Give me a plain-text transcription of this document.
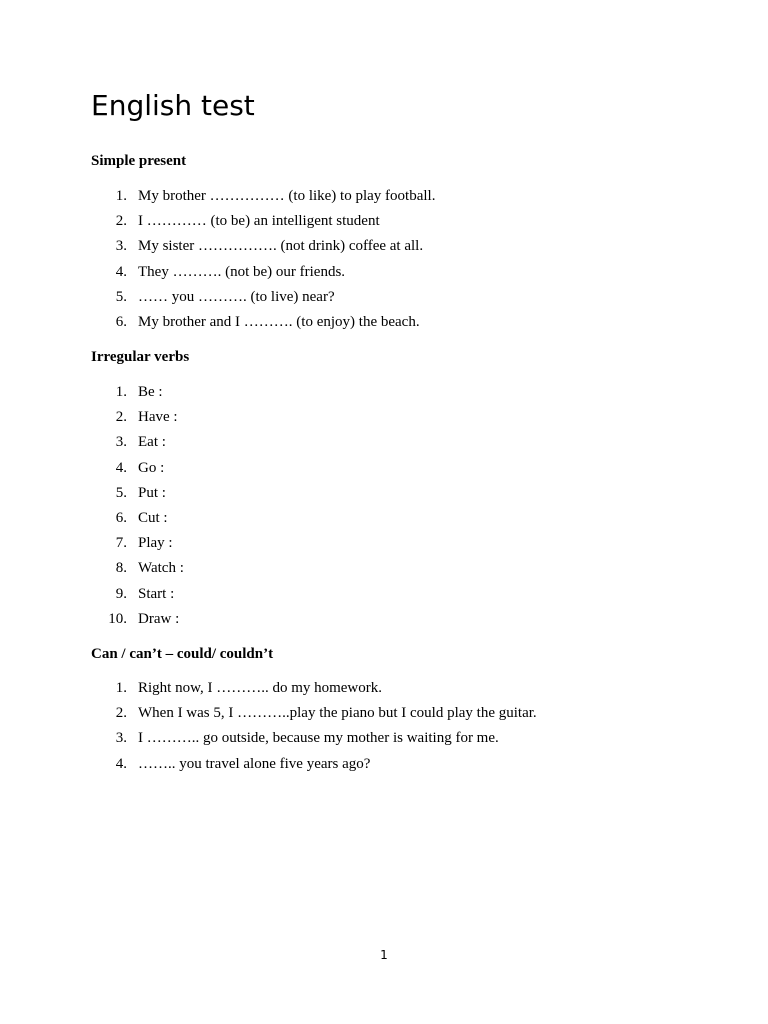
English test
Simple present
1. My brother …………… (to like) to play football.
2. I ………… (to be) an intelligent student
3. My sister ……………. (not drink) coffee at all.
4. They ………. (not be) our friends.
5. …… you ………. (to live) near?
6. My brother and I ………. (to enjoy) the beach.
Irregular verbs
1. Be :
2. Have :
3. Eat :
4. Go :
5. Put :
6. Cut :
7. Play :
8. Watch :
9. Start :
10. Draw :
Can / can’t – could/ couldn’t
1. Right now, I ……….. do my homework.
2. When I was 5, I ………..play the piano but I could play the guitar.
3. I ……….. go outside, because my mother is waiting for me.
4. …….. you travel alone five years ago?
1
